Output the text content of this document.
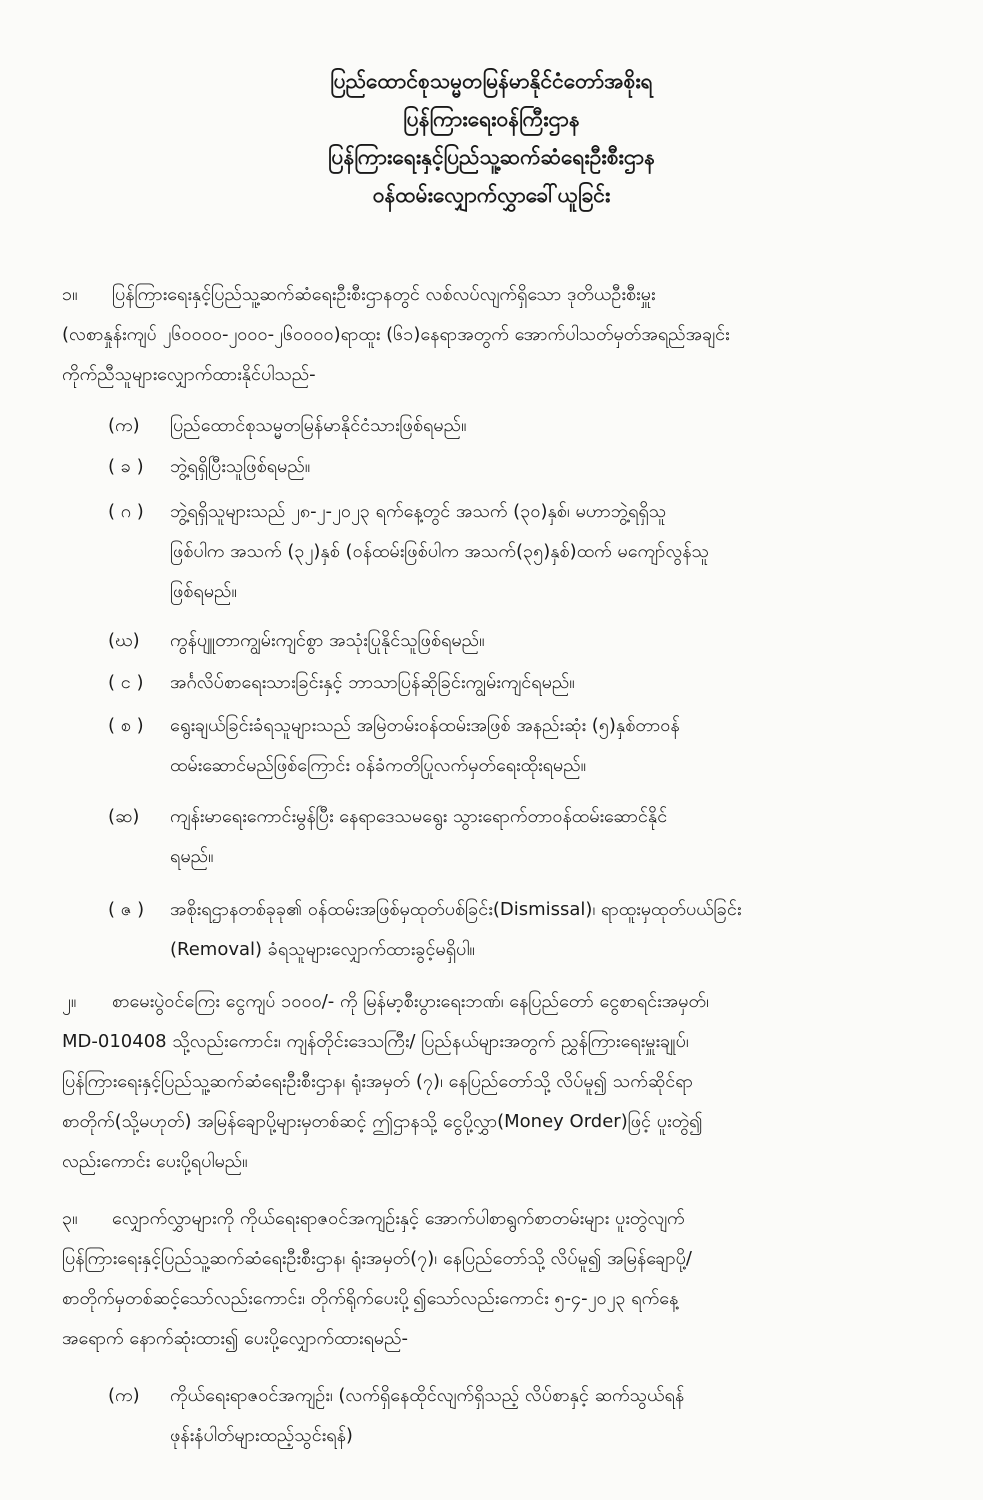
ပြည်ထောင်စုသမ္မတမြန်မာနိုင်ငံတော်အစိုးရ
ပြန်ကြားရေးဝန်ကြီးဌာန
ပြန်ကြားရေးနှင့်ပြည်သူ့ဆက်ဆံရေးဦးစီးဌာန
ဝန်ထမ်းလျှောက်လွှာခေါ်ယူခြင်း
၁။	ပြန်ကြားရေးနှင့်ပြည်သူ့ဆက်ဆံရေးဦးစီးဌာနတွင် လစ်လပ်လျက်ရှိသော ဒုတိယဦးစီးမှူး
(လစာနှုန်းကျပ် ၂၆၀၀၀၀-၂၀၀၀-၂၆၀၀၀၀)ရာထူး (၆၁)နေရာအတွက် အောက်ပါသတ်မှတ်အရည်အချင်း
ကိုက်ညီသူများလျှောက်ထားနိုင်ပါသည်-
(က)	ပြည်ထောင်စုသမ္မတမြန်မာနိုင်ငံသားဖြစ်ရမည်။
( ခ )	ဘွဲ့ရရှိပြီးသူဖြစ်ရမည်။
( ဂ )	ဘွဲ့ရရှိသူများသည် ၂၈-၂-၂၀၂၃ ရက်နေ့တွင် အသက် (၃၀)နှစ်၊ မဟာဘွဲ့ရရှိသူ
ဖြစ်ပါက အသက် (၃၂)နှစ် (ဝန်ထမ်းဖြစ်ပါက အသက်(၃၅)နှစ်)ထက် မကျော်လွန်သူ
ဖြစ်ရမည်။
(ဃ)	ကွန်ပျူတာကျွမ်းကျင်စွာ အသုံးပြုနိုင်သူဖြစ်ရမည်။
( င )	အင်္ဂလိပ်စာရေးသားခြင်းနှင့် ဘာသာပြန်ဆိုခြင်းကျွမ်းကျင်ရမည်။
( စ )	ရွေးချယ်ခြင်းခံရသူများသည် အမြဲတမ်းဝန်ထမ်းအဖြစ် အနည်းဆုံး (၅)နှစ်တာဝန်
ထမ်းဆောင်မည်ဖြစ်ကြောင်း ဝန်ခံကတိပြုလက်မှတ်ရေးထိုးရမည်။
(ဆ)	ကျန်းမာရေးကောင်းမွန်ပြီး နေရာဒေသမရွေး သွားရောက်တာဝန်ထမ်းဆောင်နိုင်
ရမည်။
( ဇ )	အစိုးရဌာနတစ်ခုခု၏ ဝန်ထမ်းအဖြစ်မှထုတ်ပစ်ခြင်း(Dismissal)၊ ရာထူးမှထုတ်ပယ်ခြင်း
(Removal) ခံရသူများလျှောက်ထားခွင့်မရှိပါ။
၂။	စာမေးပွဲဝင်ကြေး ငွေကျပ် ၁၀၀၀/- ကို မြန်မာ့စီးပွားရေးဘဏ်၊ နေပြည်တော် ငွေစာရင်းအမှတ်၊
MD-010408 သို့လည်းကောင်း၊ ကျန်တိုင်းဒေသကြီး/ ပြည်နယ်များအတွက် ညွှန်ကြားရေးမှူးချုပ်၊
ပြန်ကြားရေးနှင့်ပြည်သူ့ဆက်ဆံရေးဦးစီးဌာန၊ ရုံးအမှတ် (၇)၊ နေပြည်တော်သို့ လိပ်မူ၍ သက်ဆိုင်ရာ
စာတိုက်(သို့မဟုတ်) အမြန်ချောပို့များမှတစ်ဆင့် ဤဌာနသို့ ငွေပို့လွှာ(Money Order)ဖြင့် ပူးတွဲ၍
လည်းကောင်း ပေးပို့ရပါမည်။
၃။	လျှောက်လွှာများကို ကိုယ်ရေးရာဇဝင်အကျဉ်းနှင့် အောက်ပါစာရွက်စာတမ်းများ ပူးတွဲလျက်
ပြန်ကြားရေးနှင့်ပြည်သူ့ဆက်ဆံရေးဦးစီးဌာန၊ ရုံးအမှတ်(၇)၊ နေပြည်တော်သို့ လိပ်မူ၍ အမြန်ချောပို့/
စာတိုက်မှတစ်ဆင့်သော်လည်းကောင်း၊ တိုက်ရိုက်ပေးပို့၍သော်လည်းကောင်း ၅-၄-၂၀၂၃ ရက်နေ့
အရောက် နောက်ဆုံးထား၍ ပေးပို့လျှောက်ထားရမည်-
(က)	ကိုယ်ရေးရာဇဝင်အကျဉ်း၊ (လက်ရှိနေထိုင်လျက်ရှိသည့် လိပ်စာနှင့် ဆက်သွယ်ရန်
ဖုန်းနံပါတ်များထည့်သွင်းရန်)
